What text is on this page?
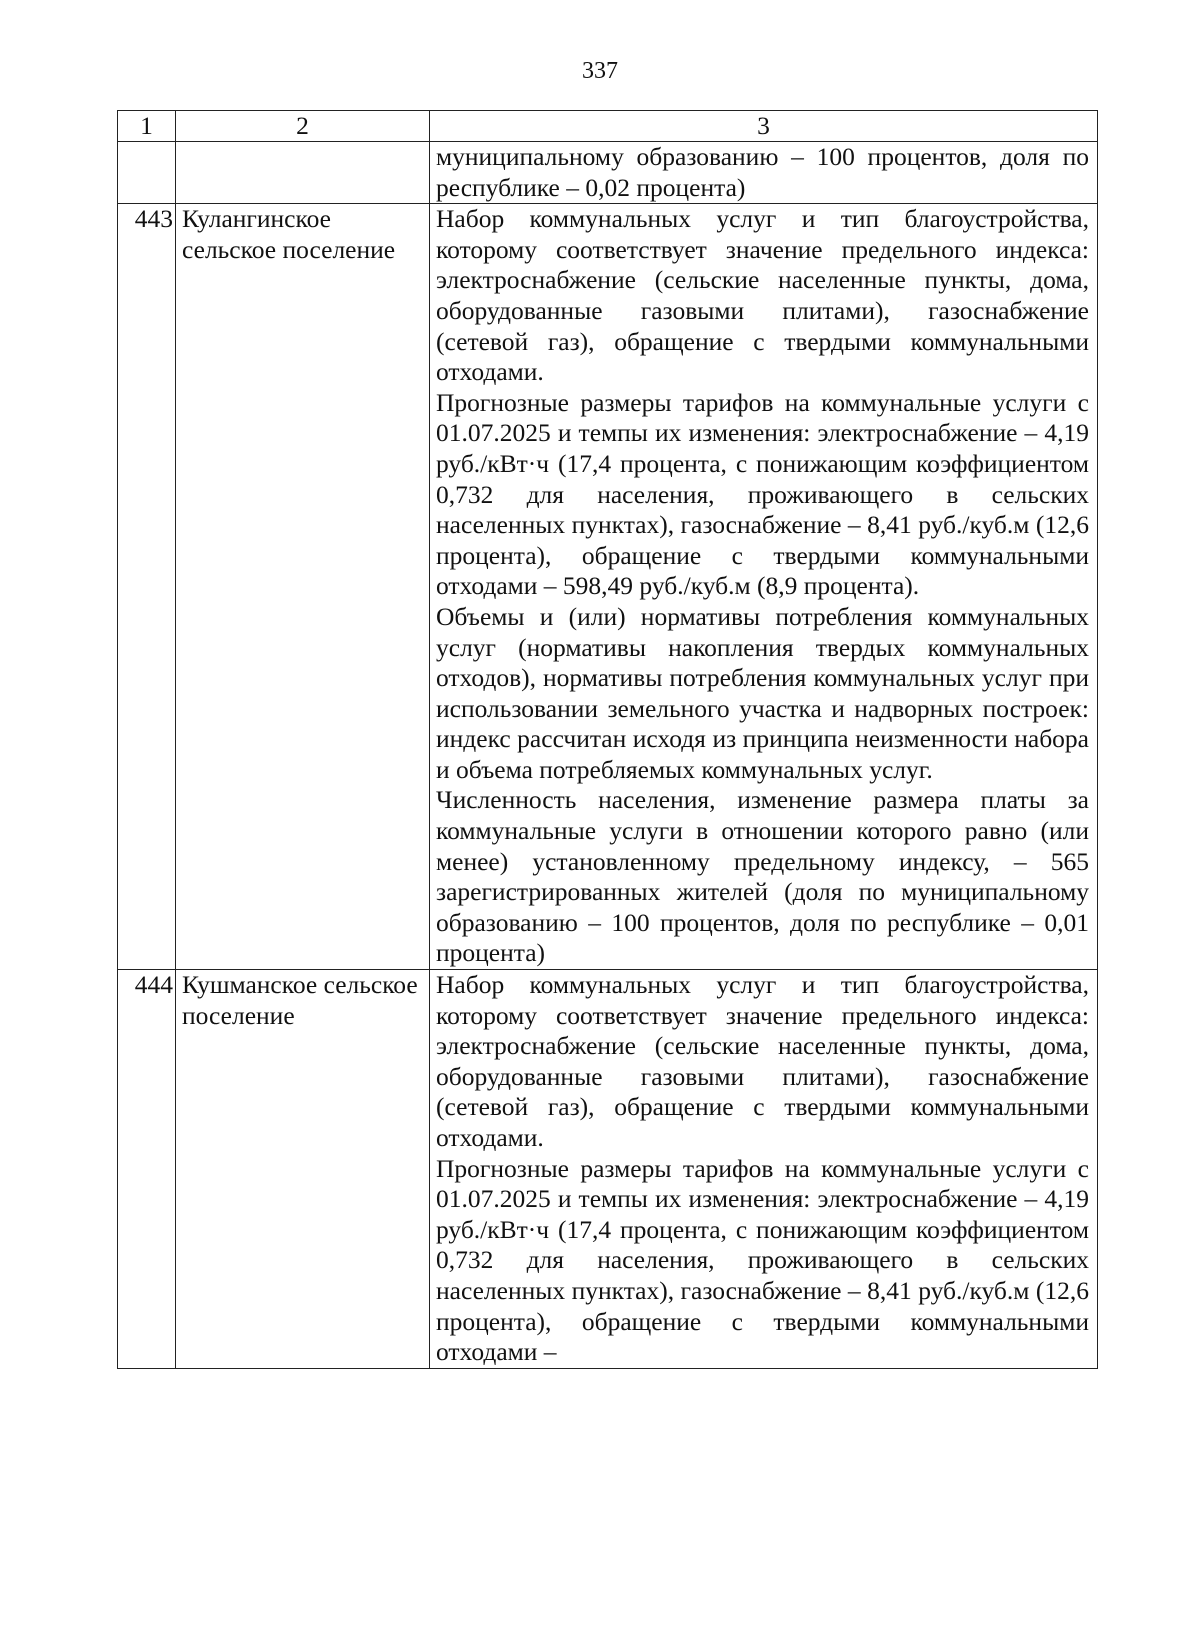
337
1	2	3

		муниципальному образованию – 100 процентов, доля по республике – 0,02 процента)

443	Кулангинское сельское поселение	Набор коммунальных услуг и тип благоустройства, которому соответствует значение предельного индекса: электроснабжение (сельские населенные пункты, дома, оборудованные газовыми плитами), газоснабжение (сетевой газ), обращение с твердыми коммунальными отходами.

Прогнозные размеры тарифов на коммунальные услуги с 01.07.2025 и темпы их изменения: электроснабжение – 4,19 руб./кВт·ч (17,4 процента, с понижающим коэффициентом 0,732 для населения, проживающего в сельских населенных пунктах), газоснабжение – 8,41 руб./куб.м (12,6 процента), обращение с твердыми коммунальными отходами – 598,49 руб./куб.м (8,9 процента).

Объемы и (или) нормативы потребления коммунальных услуг (нормативы накопления твердых коммунальных отходов), нормативы потребления коммунальных услуг при использовании земельного участка и надворных построек: индекс рассчитан исходя из принципа неизменности набора и объема потребляемых коммунальных услуг.

Численность населения, изменение размера платы за коммунальные услуги в отношении которого равно (или менее) установленному предельному индексу, – 565 зарегистрированных жителей (доля по муниципальному образованию – 100 процентов, доля по республике – 0,01 процента)

444	Кушманское сельское поселение	Набор коммунальных услуг и тип благоустройства, которому соответствует значение предельного индекса: электроснабжение (сельские населенные пункты, дома, оборудованные газовыми плитами), газоснабжение (сетевой газ), обращение с твердыми коммунальными отходами.

Прогнозные размеры тарифов на коммунальные услуги с 01.07.2025 и темпы их изменения: электроснабжение – 4,19 руб./кВт·ч (17,4 процента, с понижающим коэффициентом 0,732 для населения, проживающего в сельских населенных пунктах), газоснабжение – 8,41 руб./куб.м (12,6 процента), обращение с твердыми коммунальными отходами –
